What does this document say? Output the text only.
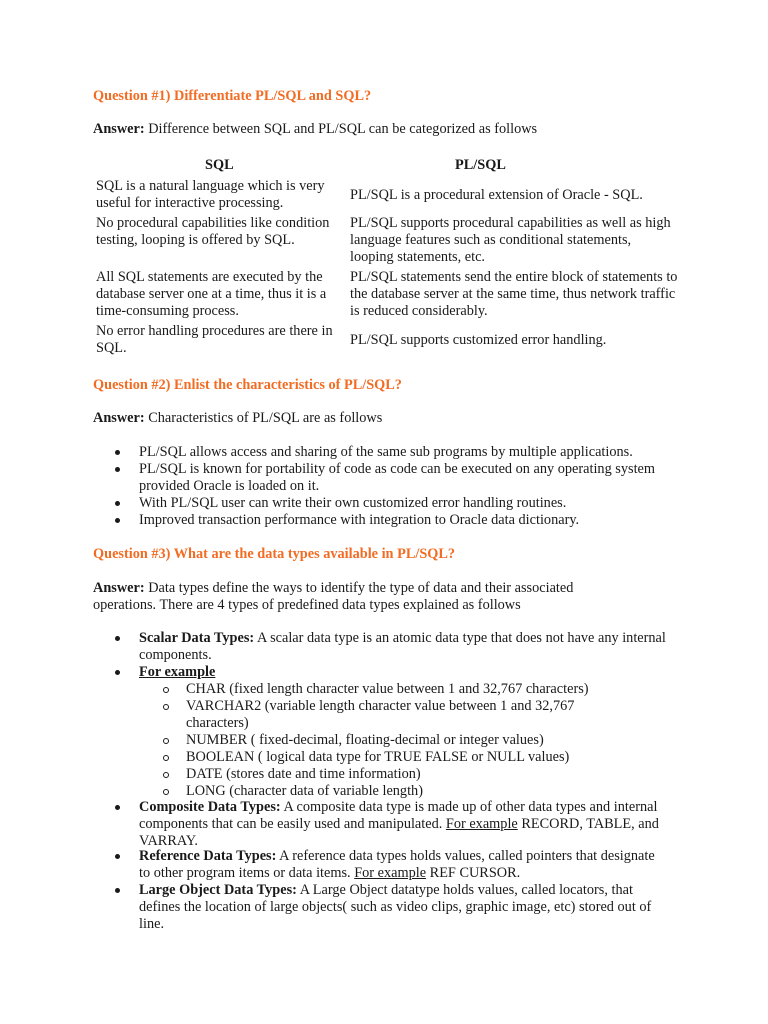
Question #1) Differentiate PL/SQL and SQL?

Answer: Difference between SQL and PL/SQL can be categorized as follows

SQL	PL/SQL
SQL is a natural language which is very useful for interactive processing.
PL/SQL is a procedural extension of Oracle - SQL.
No procedural capabilities like condition testing, looping is offered by SQL.
PL/SQL supports procedural capabilities as well as high language features such as conditional statements, looping statements, etc.
All SQL statements are executed by the database server one at a time, thus it is a time-consuming process.
PL/SQL statements send the entire block of statements to the database server at the same time, thus network traffic is reduced considerably.
No error handling procedures are there in SQL.
PL/SQL supports customized error handling.

Question #2) Enlist the characteristics of PL/SQL?

Answer: Characteristics of PL/SQL are as follows

PL/SQL allows access and sharing of the same sub programs by multiple applications.
PL/SQL is known for portability of code as code can be executed on any operating system provided Oracle is loaded on it.
With PL/SQL user can write their own customized error handling routines.
Improved transaction performance with integration to Oracle data dictionary.

Question #3) What are the data types available in PL/SQL?

Answer: Data types define the ways to identify the type of data and their associated operations. There are 4 types of predefined data types explained as follows

Scalar Data Types: A scalar data type is an atomic data type that does not have any internal components.
For example
CHAR (fixed length character value between 1 and 32,767 characters)
VARCHAR2 (variable length character value between 1 and 32,767 characters)
NUMBER ( fixed-decimal, floating-decimal or integer values)
BOOLEAN ( logical data type for TRUE FALSE or NULL values)
DATE (stores date and time information)
LONG (character data of variable length)
Composite Data Types: A composite data type is made up of other data types and internal components that can be easily used and manipulated. For example RECORD, TABLE, and VARRAY.
Reference Data Types: A reference data types holds values, called pointers that designate to other program items or data items. For example REF CURSOR.
Large Object Data Types: A Large Object datatype holds values, called locators, that defines the location of large objects( such as video clips, graphic image, etc) stored out of line.
